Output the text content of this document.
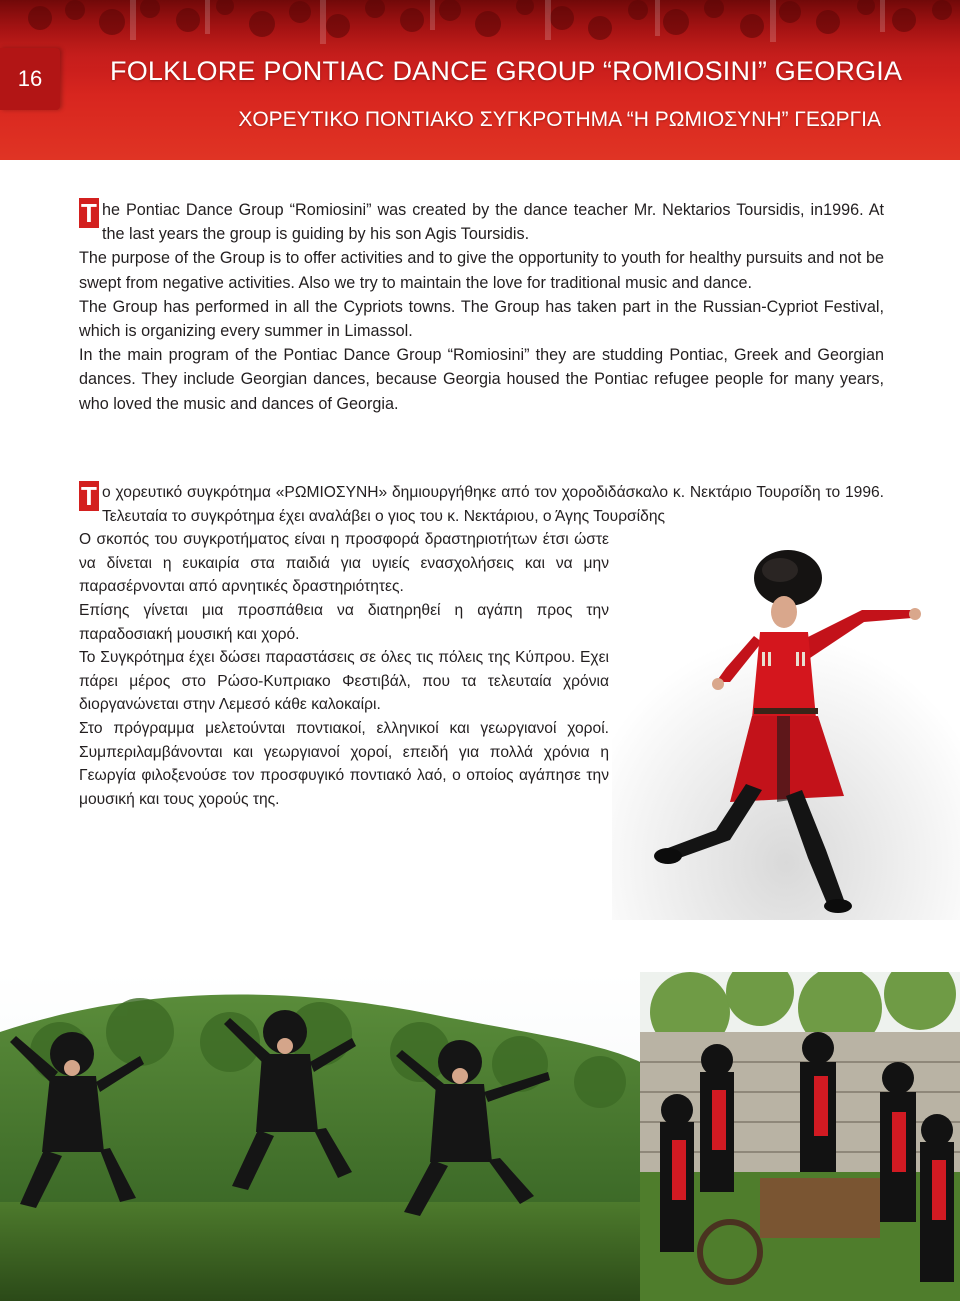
16	FOLKLORE PONTIAC DANCE GROUP “ROMIOSINI” GEORGIA
ΧΟΡΕΥΤΙΚΟ ΠΟΝΤΙΑΚΟ ΣΥΓΚΡΟΤΗΜΑ “Η ΡΩΜΙΟΣΥΝΗ” ΓΕΩΡΓΙΑ

T he Pontiac Dance Group “Romiosini” was created by the dance teacher Mr. Nektarios Toursidis, in1996. At the last years the group is guiding by his son Agis Toursidis.

The purpose of the Group is to offer activities and to give the opportunity to youth for healthy pursuits and not be swept from negative activities. Also we try to maintain the love for traditional music and dance.

The Group has performed in all the Cypriots towns. The Group has taken part in the Russian-Cypriot Festival, which is organizing every summer in Limassol.

In the main program of the Pontiac Dance Group “Romiosini” they are studding Pontiac, Greek and Georgian dances. They include Georgian dances, because Georgia housed the Pontiac refugee people for many years, who loved the music and dances of Georgia.

Τ ο χορευτικό συγκρότημα «ΡΩΜΙΟΣΥΝΗ» δημιουργήθηκε από τον χοροδιδάσκαλο κ. Νεκτάριο Τουρσίδη το 1996. Τελευταία το συγκρότημα έχει αναλάβει ο γιος του κ. Νεκτάριου, ο Άγης Τουρσίδης

Ο σκοπός του συγκροτήματος είναι η προσφορά δραστηριοτήτων έτσι ώστε να δίνεται η ευκαιρία στα παιδιά για υγιείς ενασχολήσεις και να μην παρασέρνονται από αρνητικές δραστηριότητες.

Επίσης γίνεται μια προσπάθεια να διατηρηθεί η αγάπη προς την παραδοσιακή μουσική και χορό.

Το Συγκρότημα έχει δώσει παραστάσεις σε όλες τις πόλεις της Κύπρου. Εχει πάρει μέρος στο Ρώσο-Κυπριακο Φεστιβάλ, που τα τελευταία χρόνια διοργανώνεται στην Λεμεσό κάθε καλοκαίρι.

Στο πρόγραμμα μελετούνται ποντιακοί, ελληνικοί και γεωργιανοί χοροί. Συμπεριλαμβάνονται και γεωργιανοί χοροί, επειδή για πολλά χρόνια η Γεωργία φιλοξενούσε τον προσφυγικό ποντιακό λαό, ο οποίος αγάπησε την μουσική και τους χορούς της.
